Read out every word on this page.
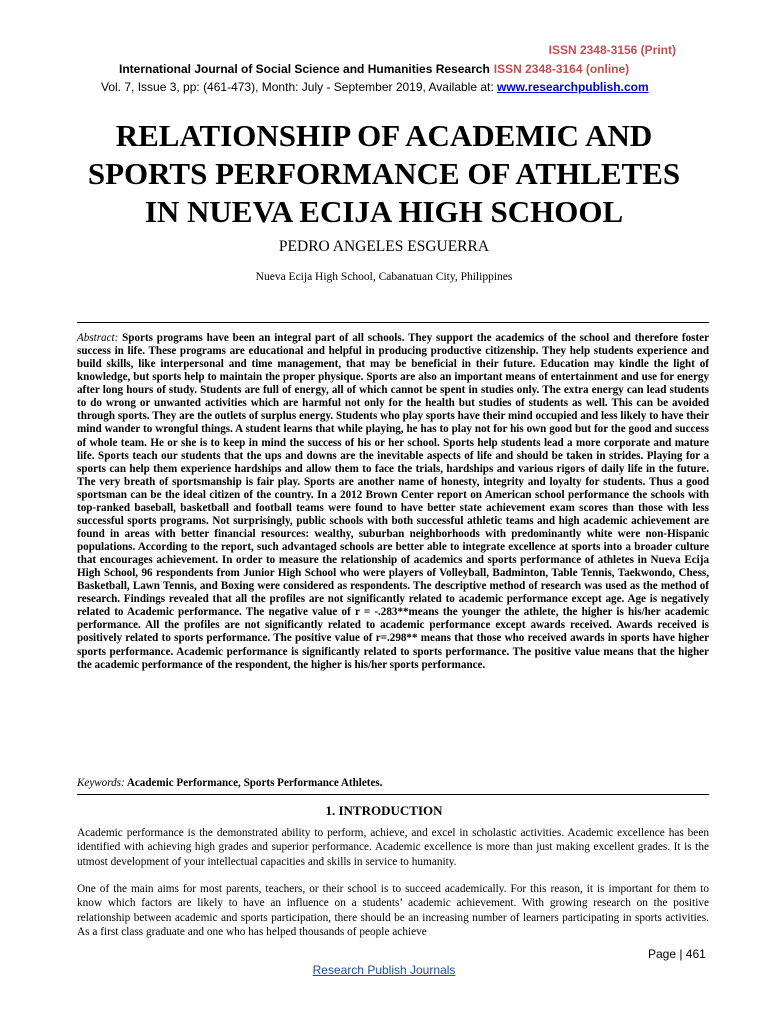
ISSN 2348-3156 (Print)
International Journal of Social Science and Humanities Research ISSN 2348-3164 (online)
Vol. 7, Issue 3, pp: (461-473), Month: July - September 2019, Available at: www.researchpublish.com
RELATIONSHIP OF ACADEMIC AND
SPORTS PERFORMANCE OF ATHLETES
IN NUEVA ECIJA HIGH SCHOOL
PEDRO ANGELES ESGUERRA
Nueva Ecija High School, Cabanatuan City, Philippines
Abstract: Sports programs have been an integral part of all schools. They support the academics of the school and therefore foster success in life. These programs are educational and helpful in producing productive citizenship. They help students experience and build skills, like interpersonal and time management, that may be beneficial in their future. Education may kindle the light of knowledge, but sports help to maintain the proper physique. Sports are also an important means of entertainment and use for energy after long hours of study. Students are full of energy, all of which cannot be spent in studies only. The extra energy can lead students to do wrong or unwanted activities which are harmful not only for the health but studies of students as well. This can be avoided through sports. They are the outlets of surplus energy. Students who play sports have their mind occupied and less likely to have their mind wander to wrongful things. A student learns that while playing, he has to play not for his own good but for the good and success of whole team. He or she is to keep in mind the success of his or her school. Sports help students lead a more corporate and mature life. Sports teach our students that the ups and downs are the inevitable aspects of life and should be taken in strides. Playing for a sports can help them experience hardships and allow them to face the trials, hardships and various rigors of daily life in the future. The very breath of sportsmanship is fair play. Sports are another name of honesty, integrity and loyalty for students. Thus a good sportsman can be the ideal citizen of the country. In a 2012 Brown Center report on American school performance the schools with top-ranked baseball, basketball and football teams were found to have better state achievement exam scores than those with less successful sports programs. Not surprisingly, public schools with both successful athletic teams and high academic achievement are found in areas with better financial resources: wealthy, suburban neighborhoods with predominantly white were non-Hispanic populations. According to the report, such advantaged schools are better able to integrate excellence at sports into a broader culture that encourages achievement. In order to measure the relationship of academics and sports performance of athletes in Nueva Ecija High School, 96 respondents from Junior High School who were players of Volleyball, Badminton, Table Tennis, Taekwondo, Chess, Basketball, Lawn Tennis, and Boxing were considered as respondents. The descriptive method of research was used as the method of research. Findings revealed that all the profiles are not significantly related to academic performance except age. Age is negatively related to Academic performance. The negative value of r = -.283**means the younger the athlete, the higher is his/her academic performance. All the profiles are not significantly related to academic performance except awards received. Awards received is positively related to sports performance. The positive value of r=.298** means that those who received awards in sports have higher sports performance. Academic performance is significantly related to sports performance. The positive value means that the higher the academic performance of the respondent, the higher is his/her sports performance.
Keywords: Academic Performance, Sports Performance Athletes.
1. INTRODUCTION
Academic performance is the demonstrated ability to perform, achieve, and excel in scholastic activities. Academic excellence has been identified with achieving high grades and superior performance. Academic excellence is more than just making excellent grades. It is the utmost development of your intellectual capacities and skills in service to humanity.
One of the main aims for most parents, teachers, or their school is to succeed academically. For this reason, it is important for them to know which factors are likely to have an influence on a students’ academic achievement. With growing research on the positive relationship between academic and sports participation, there should be an increasing number of learners participating in sports activities. As a first class graduate and one who has helped thousands of people achieve
Page | 461
Research Publish Journals
